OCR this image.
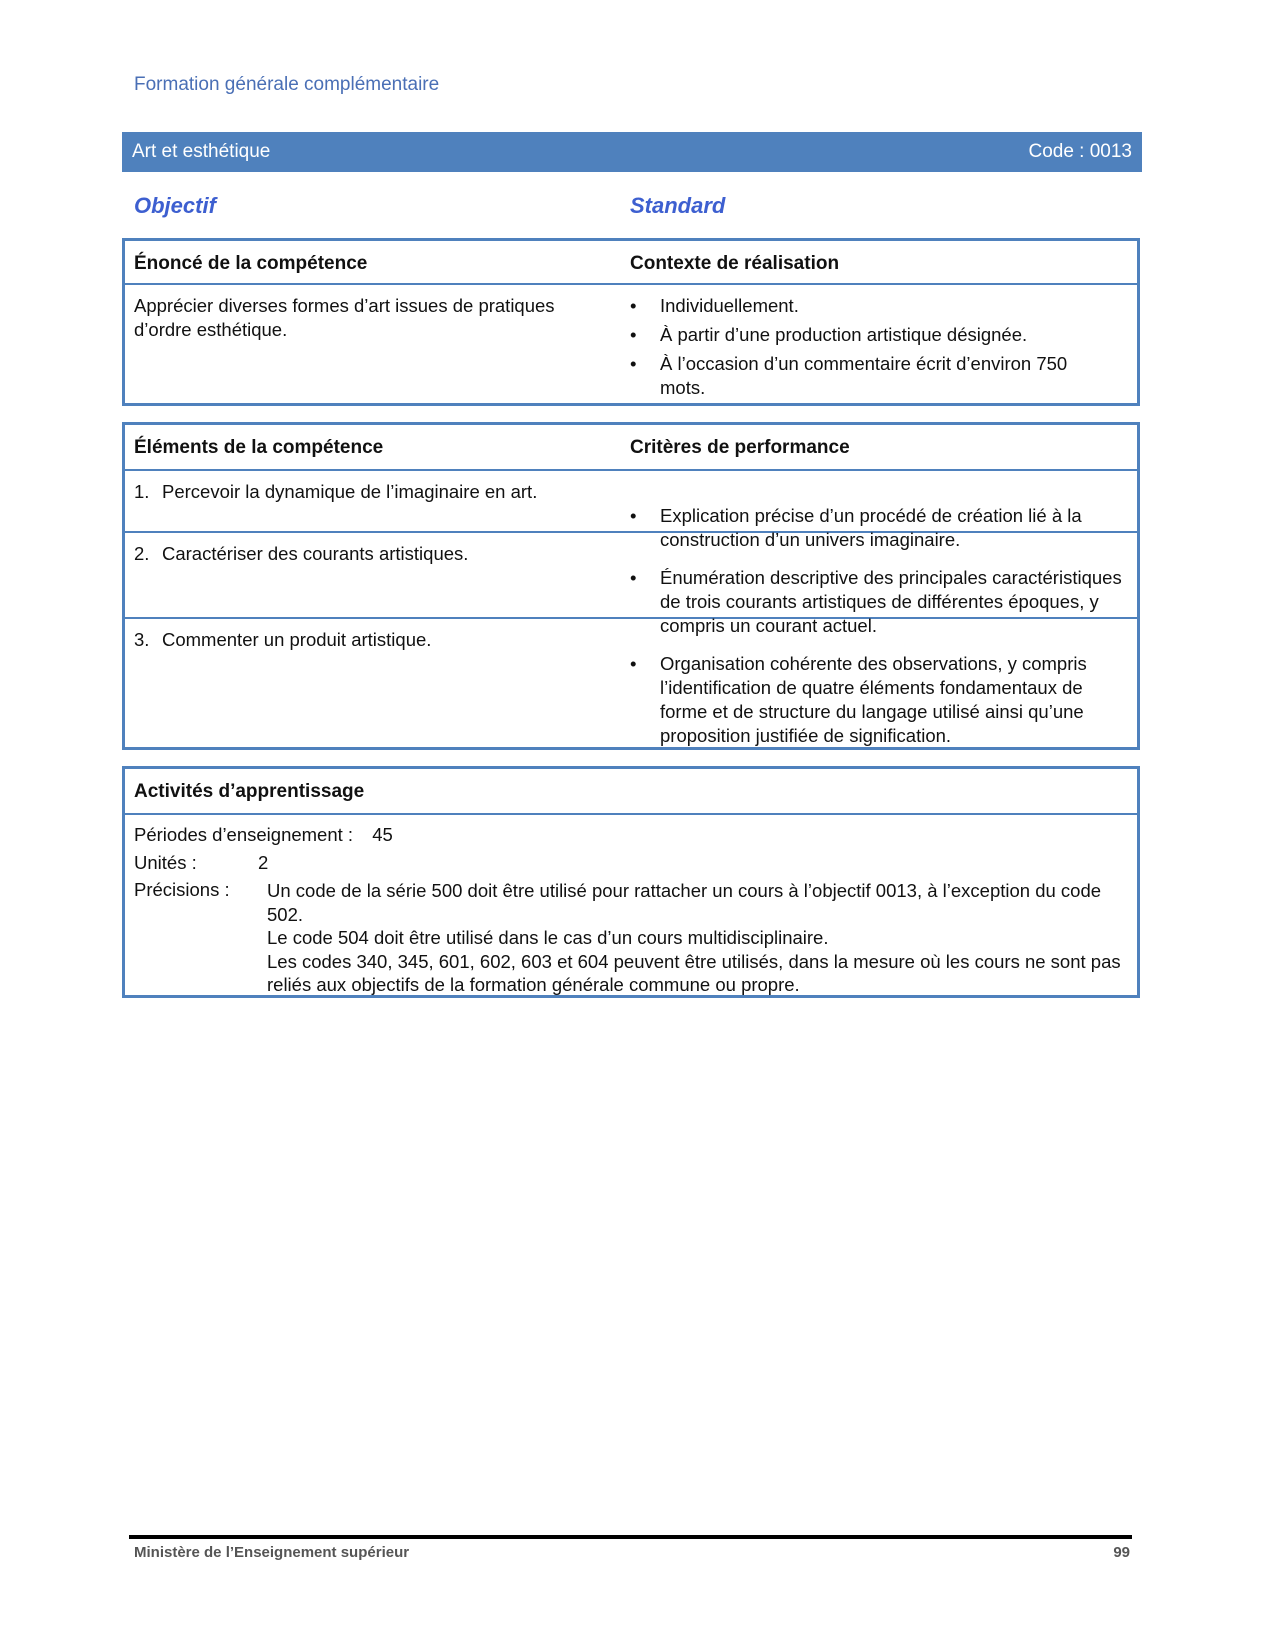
Formation générale complémentaire
Art et esthétique	Code : 0013
Objectif	Standard
Énoncé de la compétence	Contexte de réalisation
Apprécier diverses formes d’art issues de pratiques d’ordre esthétique.
•	Individuellement.
•	À partir d’une production artistique désignée.
•	À l’occasion d’un commentaire écrit d’environ 750 mots.
Éléments de la compétence	Critères de performance
1. Percevoir la dynamique de l’imaginaire en art.
•	Explication précise d’un procédé de création lié à la construction d’un univers imaginaire.
2. Caractériser des courants artistiques.
•	Énumération descriptive des principales caractéristiques de trois courants artistiques de différentes époques, y compris un courant actuel.
3. Commenter un produit artistique.
•	Organisation cohérente des observations, y compris l’identification de quatre éléments fondamentaux de forme et de structure du langage utilisé ainsi qu’une proposition justifiée de signification.
Activités d’apprentissage
Périodes d’enseignement : 45
Unités :	2
Précisions : Un code de la série 500 doit être utilisé pour rattacher un cours à l’objectif 0013, à l’exception du code 502.
Le code 504 doit être utilisé dans le cas d’un cours multidisciplinaire.
Les codes 340, 345, 601, 602, 603 et 604 peuvent être utilisés, dans la mesure où les cours ne sont pas reliés aux objectifs de la formation générale commune ou propre.
Ministère de l’Enseignement supérieur	99
